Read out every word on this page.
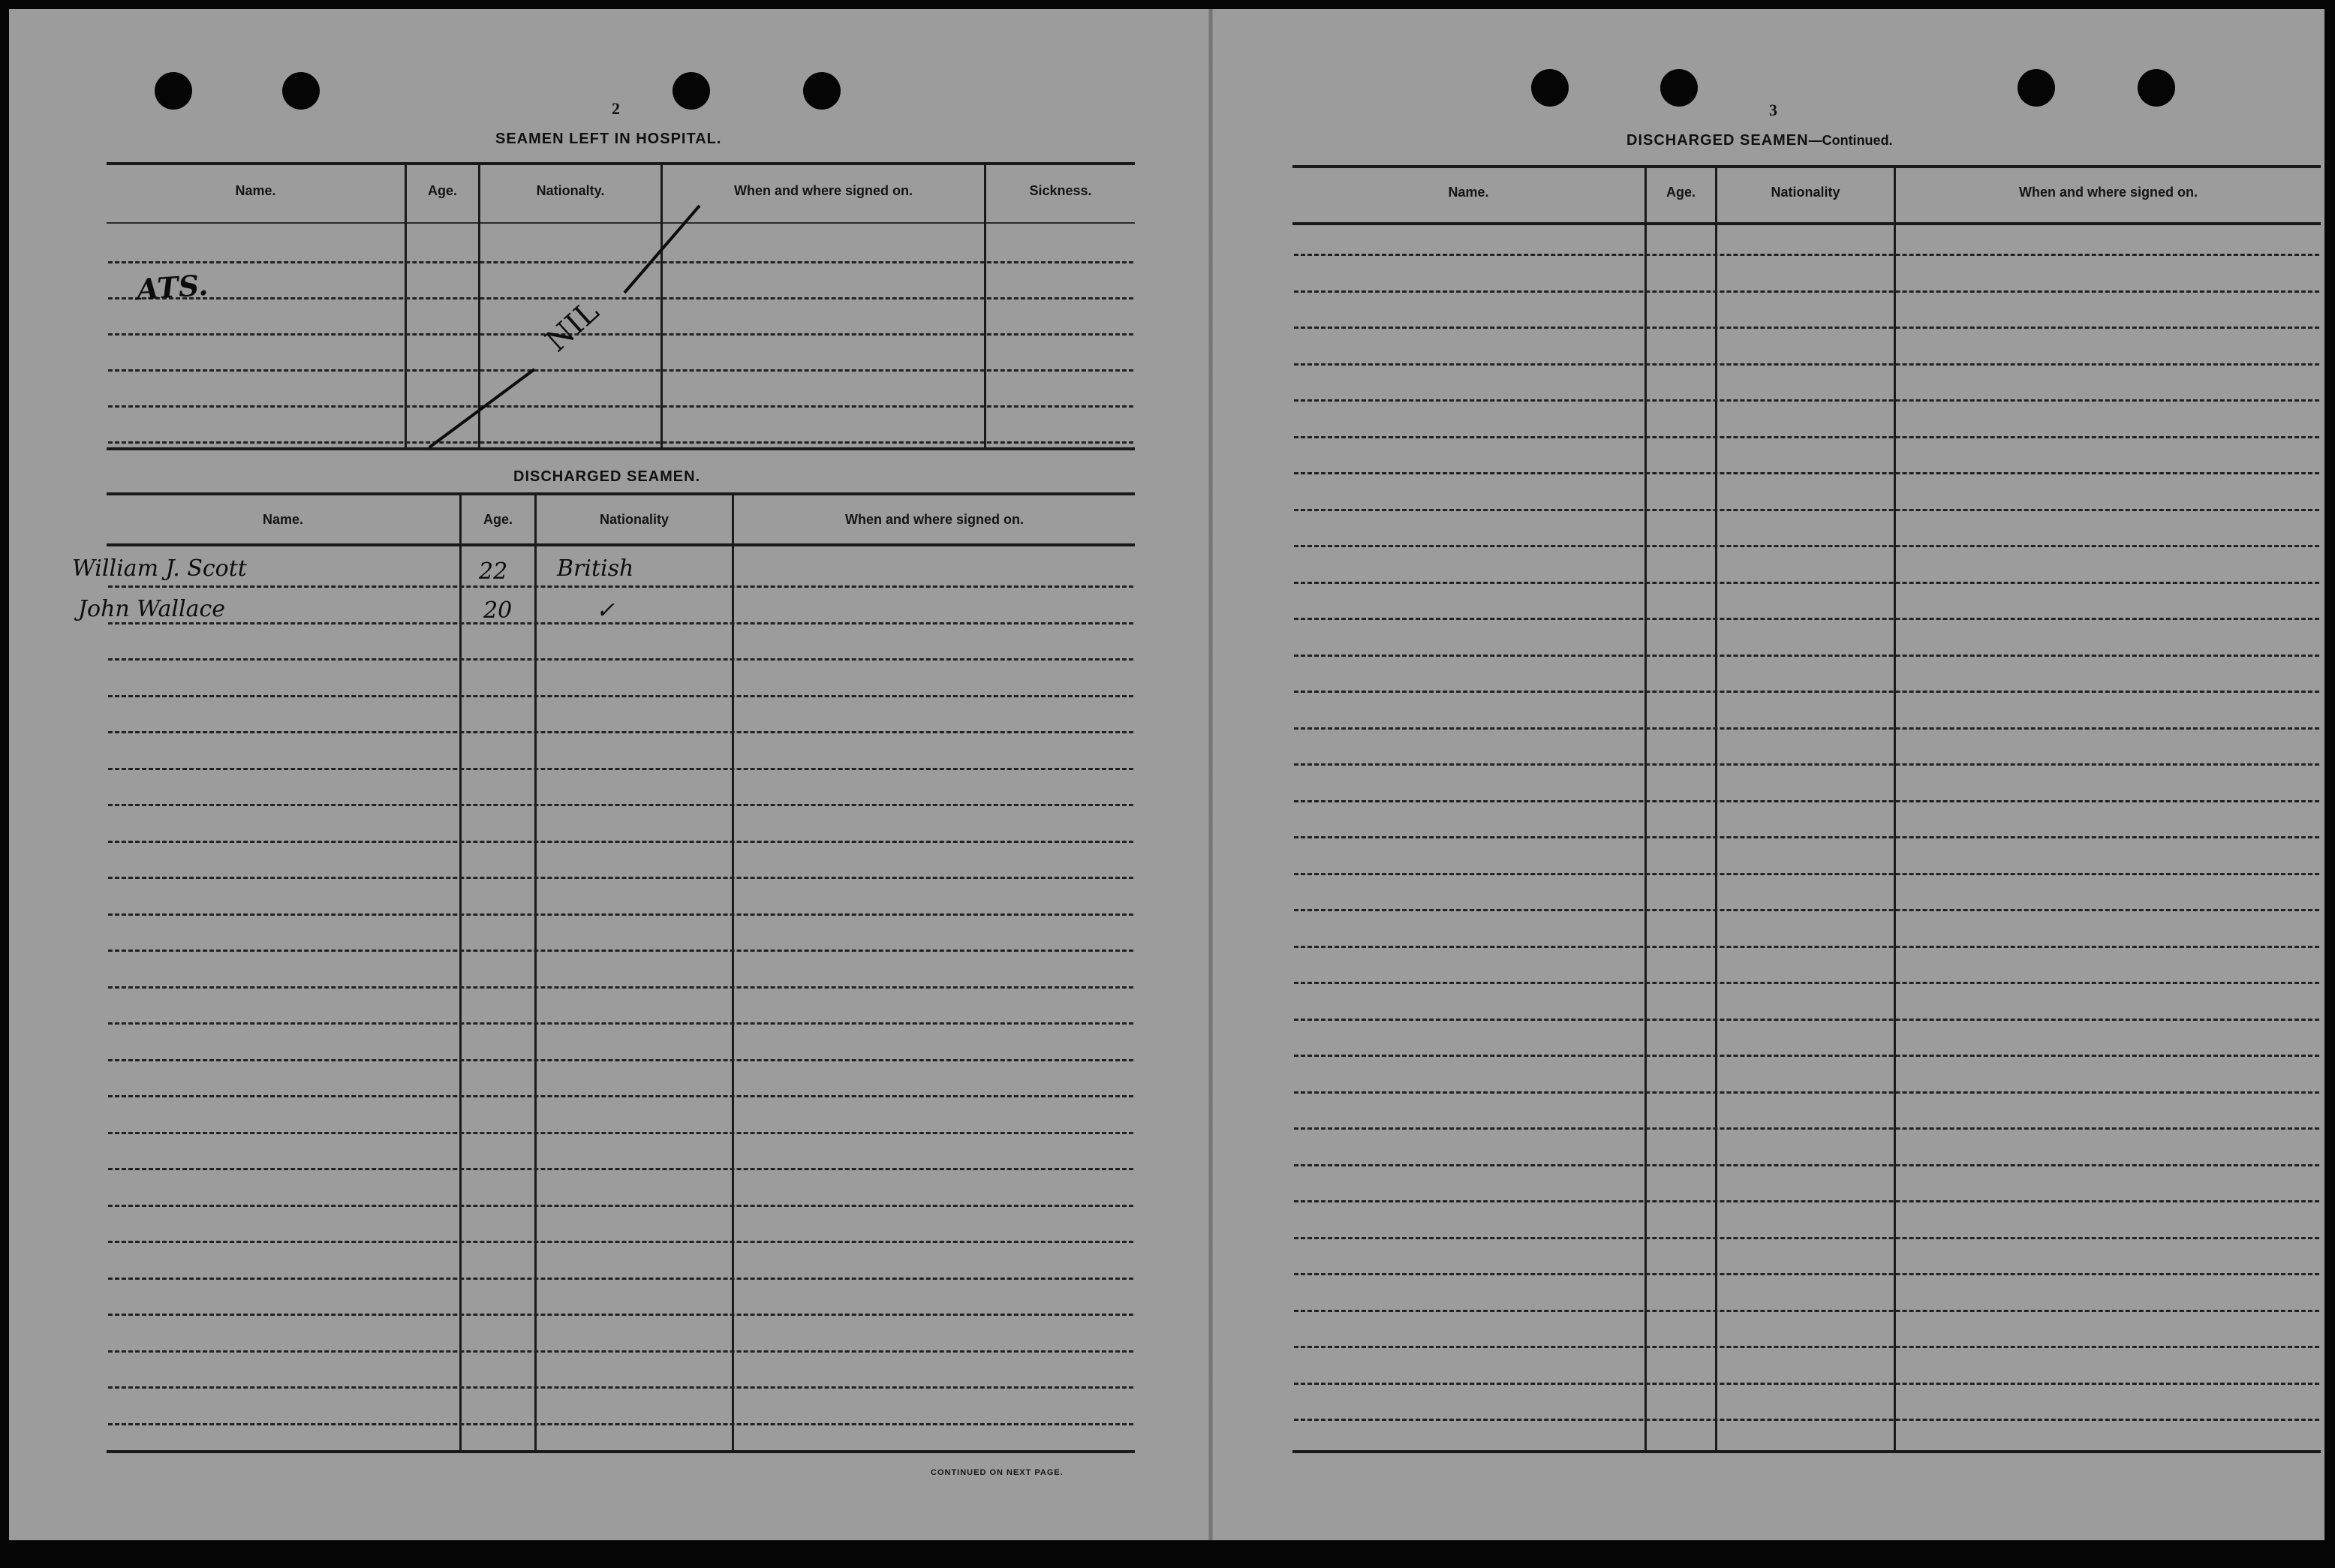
2
SEAMEN LEFT IN HOSPITAL.
Name.	Age.	Nationalty.	When and where signed on.	Sickness.
ATS.
NIL
DISCHARGED SEAMEN.
Name.	Age.	Nationality	When and where signed on.
William J. Scott	22 British
John Wallace	20	✓
CONTINUED ON NEXT PAGE.
3
DISCHARGED SEAMEN—Continued.
Name.	Age.	Nationality	When and where signed on.
